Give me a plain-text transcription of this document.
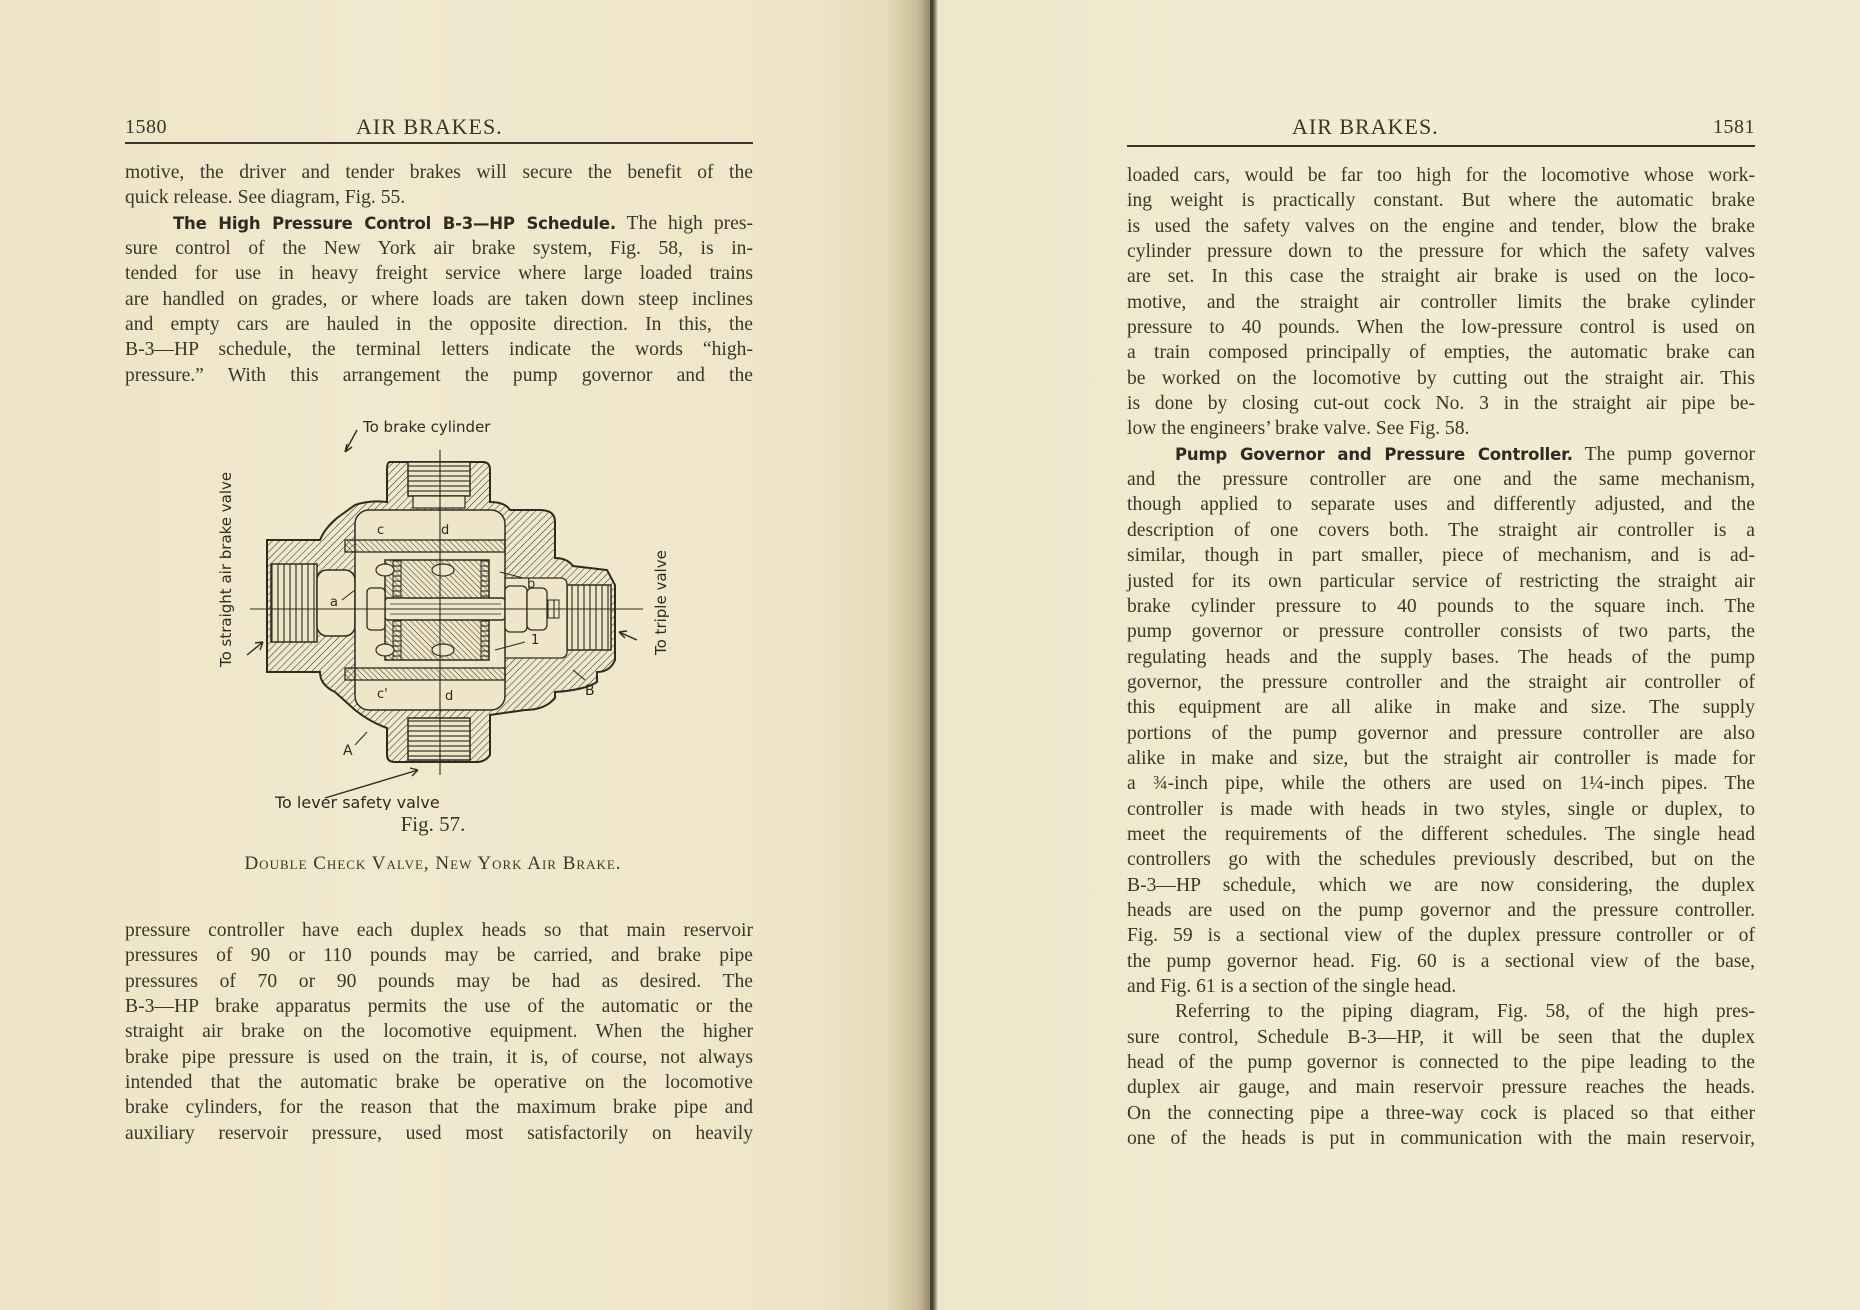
1580	AIR BRAKES.
motive, the driver and tender brakes will secure the benefit of the
quick release. See diagram, Fig. 55.
The High Pressure Control B-3—HP Schedule. The high pres-
sure control of the New York air brake system, Fig. 58, is in-
tended for use in heavy freight service where large loaded trains
are handled on grades, or where loads are taken down steep inclines
and empty cars are hauled in the opposite direction. In this, the
B-3—HP schedule, the terminal letters indicate the words “high-
pressure.” With this arrangement the pump governor and the
To brake cylinder
To straight air brake valve	To triple valve
To lever safety valve
a
b
c	d
c'	d
1
A
B
Fig. 57.
Double Check Valve, New York Air Brake.
pressure controller have each duplex heads so that main reservoir
pressures of 90 or 110 pounds may be carried, and brake pipe
pressures of 70 or 90 pounds may be had as desired. The
B-3—HP brake apparatus permits the use of the automatic or the
straight air brake on the locomotive equipment. When the higher
brake pipe pressure is used on the train, it is, of course, not always
intended that the automatic brake be operative on the locomotive
brake cylinders, for the reason that the maximum brake pipe and
auxiliary reservoir pressure, used most satisfactorily on heavily
AIR BRAKES.	1581
loaded cars, would be far too high for the locomotive whose work-
ing weight is practically constant. But where the automatic brake
is used the safety valves on the engine and tender, blow the brake
cylinder pressure down to the pressure for which the safety valves
are set. In this case the straight air brake is used on the loco-
motive, and the straight air controller limits the brake cylinder
pressure to 40 pounds. When the low-pressure control is used on
a train composed principally of empties, the automatic brake can
be worked on the locomotive by cutting out the straight air. This
is done by closing cut-out cock No. 3 in the straight air pipe be-
low the engineers’ brake valve. See Fig. 58.
Pump Governor and Pressure Controller. The pump governor
and the pressure controller are one and the same mechanism,
though applied to separate uses and differently adjusted, and the
description of one covers both. The straight air controller is a
similar, though in part smaller, piece of mechanism, and is ad-
justed for its own particular service of restricting the straight air
brake cylinder pressure to 40 pounds to the square inch. The
pump governor or pressure controller consists of two parts, the
regulating heads and the supply bases. The heads of the pump
governor, the pressure controller and the straight air controller of
this equipment are all alike in make and size. The supply
portions of the pump governor and pressure controller are also
alike in make and size, but the straight air controller is made for
a ¾-inch pipe, while the others are used on 1¼-inch pipes. The
controller is made with heads in two styles, single or duplex, to
meet the requirements of the different schedules. The single head
controllers go with the schedules previously described, but on the
B-3—HP schedule, which we are now considering, the duplex
heads are used on the pump governor and the pressure controller.
Fig. 59 is a sectional view of the duplex pressure controller or of
the pump governor head. Fig. 60 is a sectional view of the base,
and Fig. 61 is a section of the single head.
Referring to the piping diagram, Fig. 58, of the high pres-
sure control, Schedule B-3—HP, it will be seen that the duplex
head of the pump governor is connected to the pipe leading to the
duplex air gauge, and main reservoir pressure reaches the heads.
On the connecting pipe a three-way cock is placed so that either
one of the heads is put in communication with the main reservoir,
